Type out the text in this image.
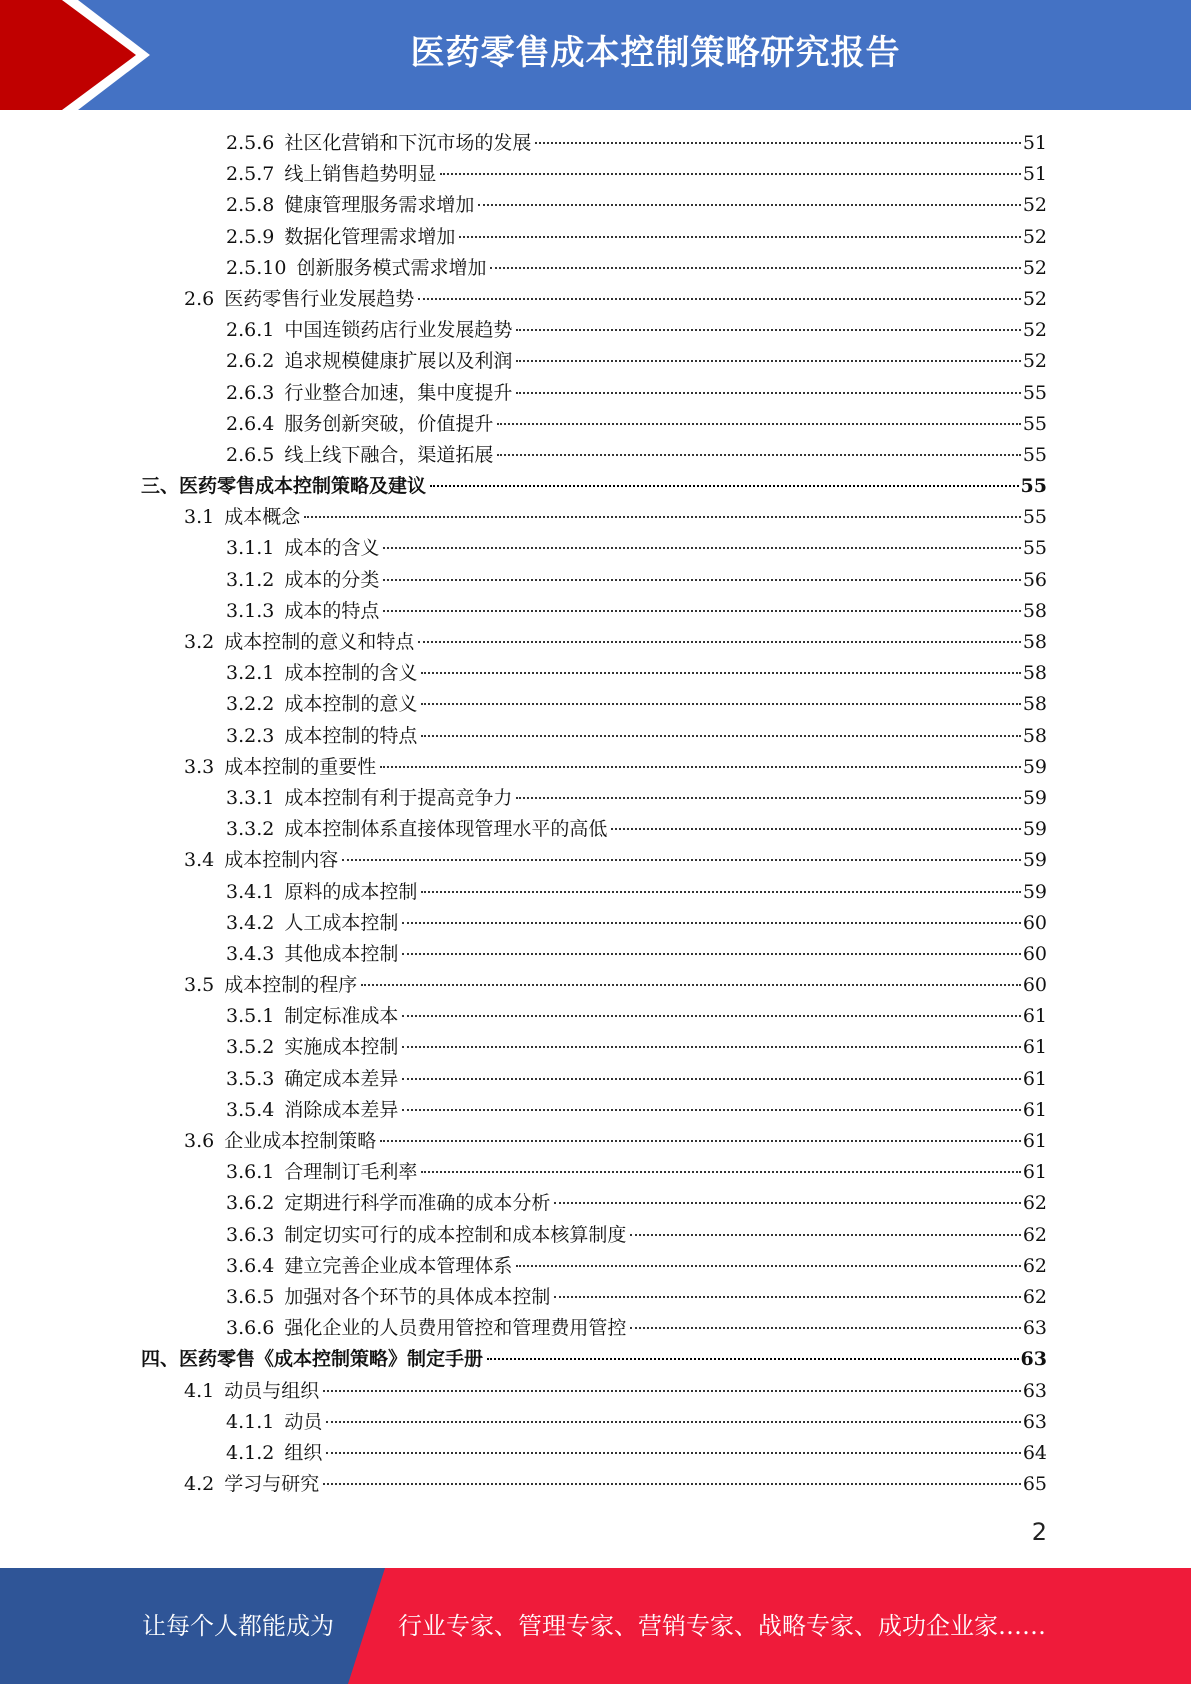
医药零售成本控制策略研究报告
2.5.6 社区化营销和下沉市场的发展	51
2.5.7 线上销售趋势明显	51
2.5.8 健康管理服务需求增加	52
2.5.9 数据化管理需求增加	52
2.5.10 创新服务模式需求增加	52
2.6 医药零售行业发展趋势	52
2.6.1 中国连锁药店行业发展趋势	52
2.6.2 追求规模健康扩展以及利润	52
2.6.3 行业整合加速，集中度提升	55
2.6.4 服务创新突破，价值提升	55
2.6.5 线上线下融合，渠道拓展	55
三、医药零售成本控制策略及建议	55
3.1 成本概念	55
3.1.1 成本的含义	55
3.1.2 成本的分类	56
3.1.3 成本的特点	58
3.2 成本控制的意义和特点	58
3.2.1 成本控制的含义	58
3.2.2 成本控制的意义	58
3.2.3 成本控制的特点	58
3.3 成本控制的重要性	59
3.3.1 成本控制有利于提高竞争力	59
3.3.2 成本控制体系直接体现管理水平的高低	59
3.4 成本控制内容	59
3.4.1 原料的成本控制	59
3.4.2 人工成本控制	60
3.4.3 其他成本控制	60
3.5 成本控制的程序	60
3.5.1 制定标准成本	61
3.5.2 实施成本控制	61
3.5.3 确定成本差异	61
3.5.4 消除成本差异	61
3.6 企业成本控制策略	61
3.6.1 合理制订毛利率	61
3.6.2 定期进行科学而准确的成本分析	62
3.6.3 制定切实可行的成本控制和成本核算制度	62
3.6.4 建立完善企业成本管理体系	62
3.6.5 加强对各个环节的具体成本控制	62
3.6.6 强化企业的人员费用管控和管理费用管控	63
四、医药零售《成本控制策略》制定手册	63
4.1 动员与组织	63
4.1.1 动员	63
4.1.2 组织	64
4.2 学习与研究	65
2
让每个人都能成为	行业专家、管理专家、营销专家、战略专家、成功企业家……
